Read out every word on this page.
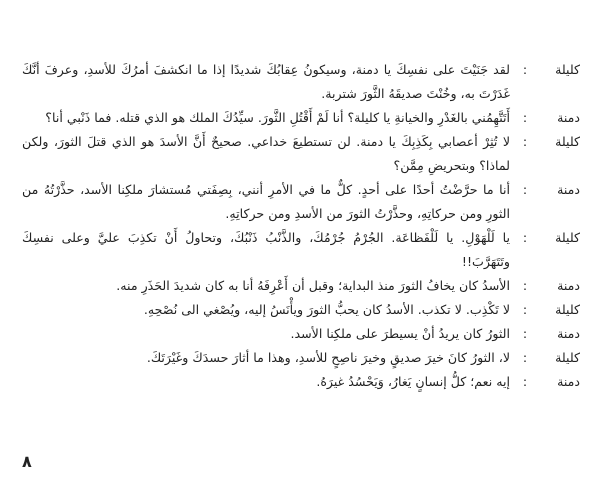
كليلة
:
لقد جَنَيْتَ على نفسِكَ يا دمنة، وسيكونُ عِقابُكَ شديدًا إذا ما انكشفَ أمرُكَ للأسدِ، وعرفَ أنَّكَ غَدَرْتَ به، وخُنْتَ صديقَهُ الثَّورَ شتربة.
دمنة
:
أَتَتَّهِمُني بالغَدْرِ والخيانةِ يا كليلة؟ أنا لَمْ أَقْتُلِ الثَّورَ. سيِّدُكَ الملك هو الذي قتله. فما ذَنْبي أنا؟
كليلة
:
لا تُثِرْ أعصابي بِكَذِبِكَ يا دمنة. لن تستطيعَ خداعي. صحيحٌ أَنَّ الأسدَ هو الذي قتلَ الثورَ، ولكن لماذا؟ وبتحريضِ مِمَّن؟
دمنة
:
أنا ما حرَّضْتُ أحدًا على أحدٍ. كلٌّ ما في الأمرِ أنني، بِصِفَتي مُستشارَ ملكِنا الأسد، حذَّرْتُهُ من الثورِ ومن حركاتِهِ، وحذَّرْتُ الثورَ من الأسدِ ومن حركاتِهِ.
كليلة
:
يا لَلْهَوْلِ. يا لَلْفَظاعَة. الجُرْمُ جُرْمُكَ، والذَّنْبُ ذَنْبُكَ، وتحاولُ أَنْ تكذِبَ عليَّ وعلى نفسِكَ وتَتَهَرَّبَ!!
دمنة
:
الأسدُ كان يخافُ الثورَ منذ البداية؛ وقبل أن أَعْرِفَهُ أنا به كان شديدَ الحَذَرِ منه.
كليلة
:
لا تَكْذِب. لا تكذب. الأسدُ كان يحبُّ الثورَ ويأْنَسُ إليه، ويُصْغي الى نُصْحِهِ.
دمنة
:
الثورُ كان يريدُ أنْ يسيطرَ على ملكِنا الأسد.
كليلة
:
لا، الثورُ كانَ خيرَ صديقٍ وخيرَ ناصِحٍ للأسدِ، وهذا ما أثارَ حسدَكَ وغَيْرَتَكَ.
دمنة
:
إيه نعم؛ كلُّ إنسانٍ يَغارُ، وَيَحْسُدُ غيرَهُ.
٨
